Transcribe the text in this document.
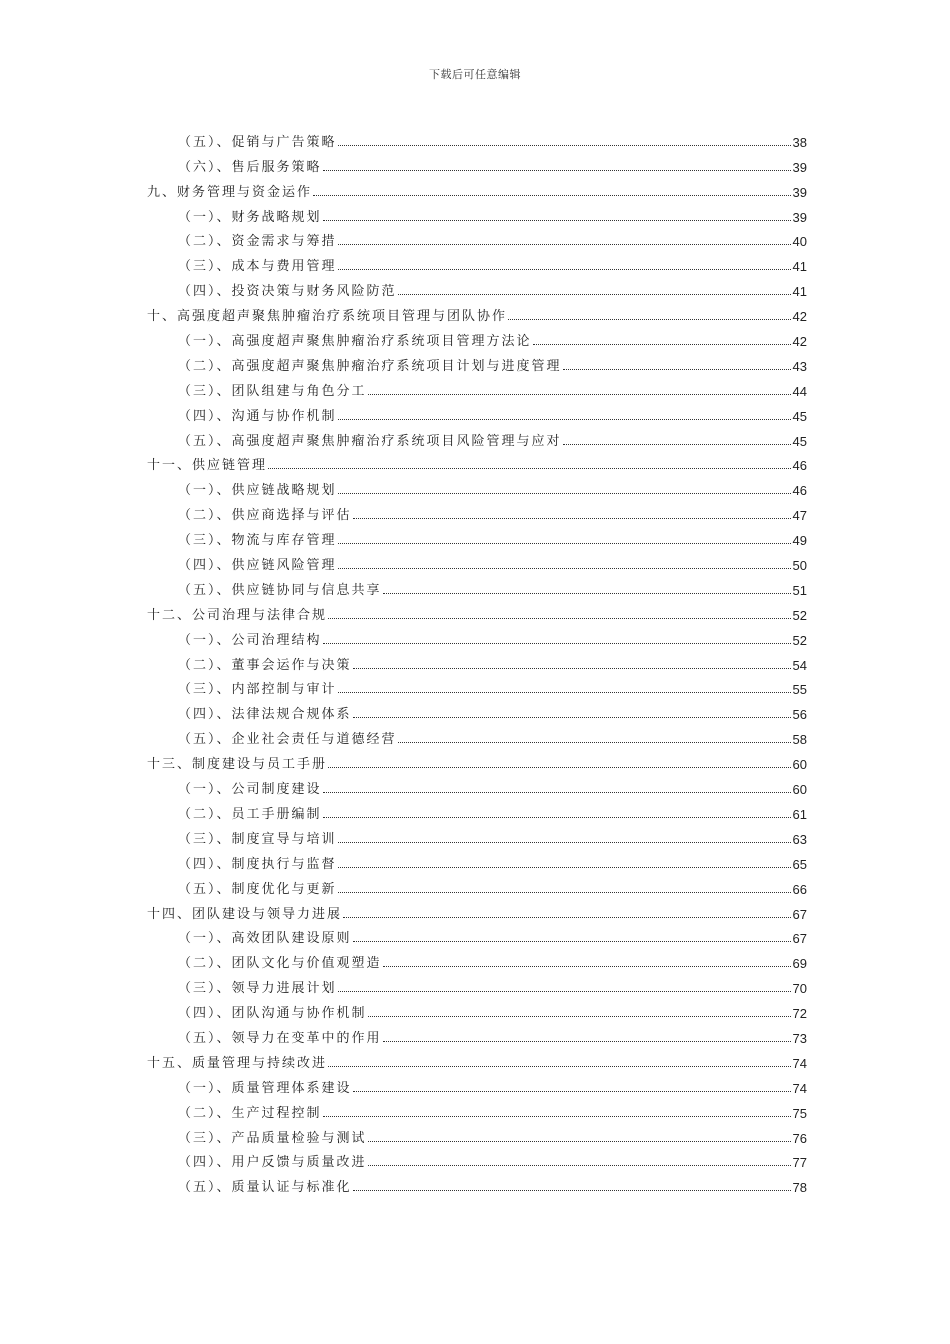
下载后可任意编辑
（五）、促销与广告策略	38
（六）、售后服务策略	39
九、财务管理与资金运作	39
（一）、财务战略规划	39
（二）、资金需求与筹措	40
（三）、成本与费用管理	41
（四）、投资决策与财务风险防范	41
十、高强度超声聚焦肿瘤治疗系统项目管理与团队协作	42
（一）、高强度超声聚焦肿瘤治疗系统项目管理方法论	42
（二）、高强度超声聚焦肿瘤治疗系统项目计划与进度管理	43
（三）、团队组建与角色分工	44
（四）、沟通与协作机制	45
（五）、高强度超声聚焦肿瘤治疗系统项目风险管理与应对	45
十一、供应链管理	46
（一）、供应链战略规划	46
（二）、供应商选择与评估	47
（三）、物流与库存管理	49
（四）、供应链风险管理	50
（五）、供应链协同与信息共享	51
十二、公司治理与法律合规	52
（一）、公司治理结构	52
（二）、董事会运作与决策	54
（三）、内部控制与审计	55
（四）、法律法规合规体系	56
（五）、企业社会责任与道德经营	58
十三、制度建设与员工手册	60
（一）、公司制度建设	60
（二）、员工手册编制	61
（三）、制度宣导与培训	63
（四）、制度执行与监督	65
（五）、制度优化与更新	66
十四、团队建设与领导力进展	67
（一）、高效团队建设原则	67
（二）、团队文化与价值观塑造	69
（三）、领导力进展计划	70
（四）、团队沟通与协作机制	72
（五）、领导力在变革中的作用	73
十五、质量管理与持续改进	74
（一）、质量管理体系建设	74
（二）、生产过程控制	75
（三）、产品质量检验与测试	76
（四）、用户反馈与质量改进	77
（五）、质量认证与标准化	78
